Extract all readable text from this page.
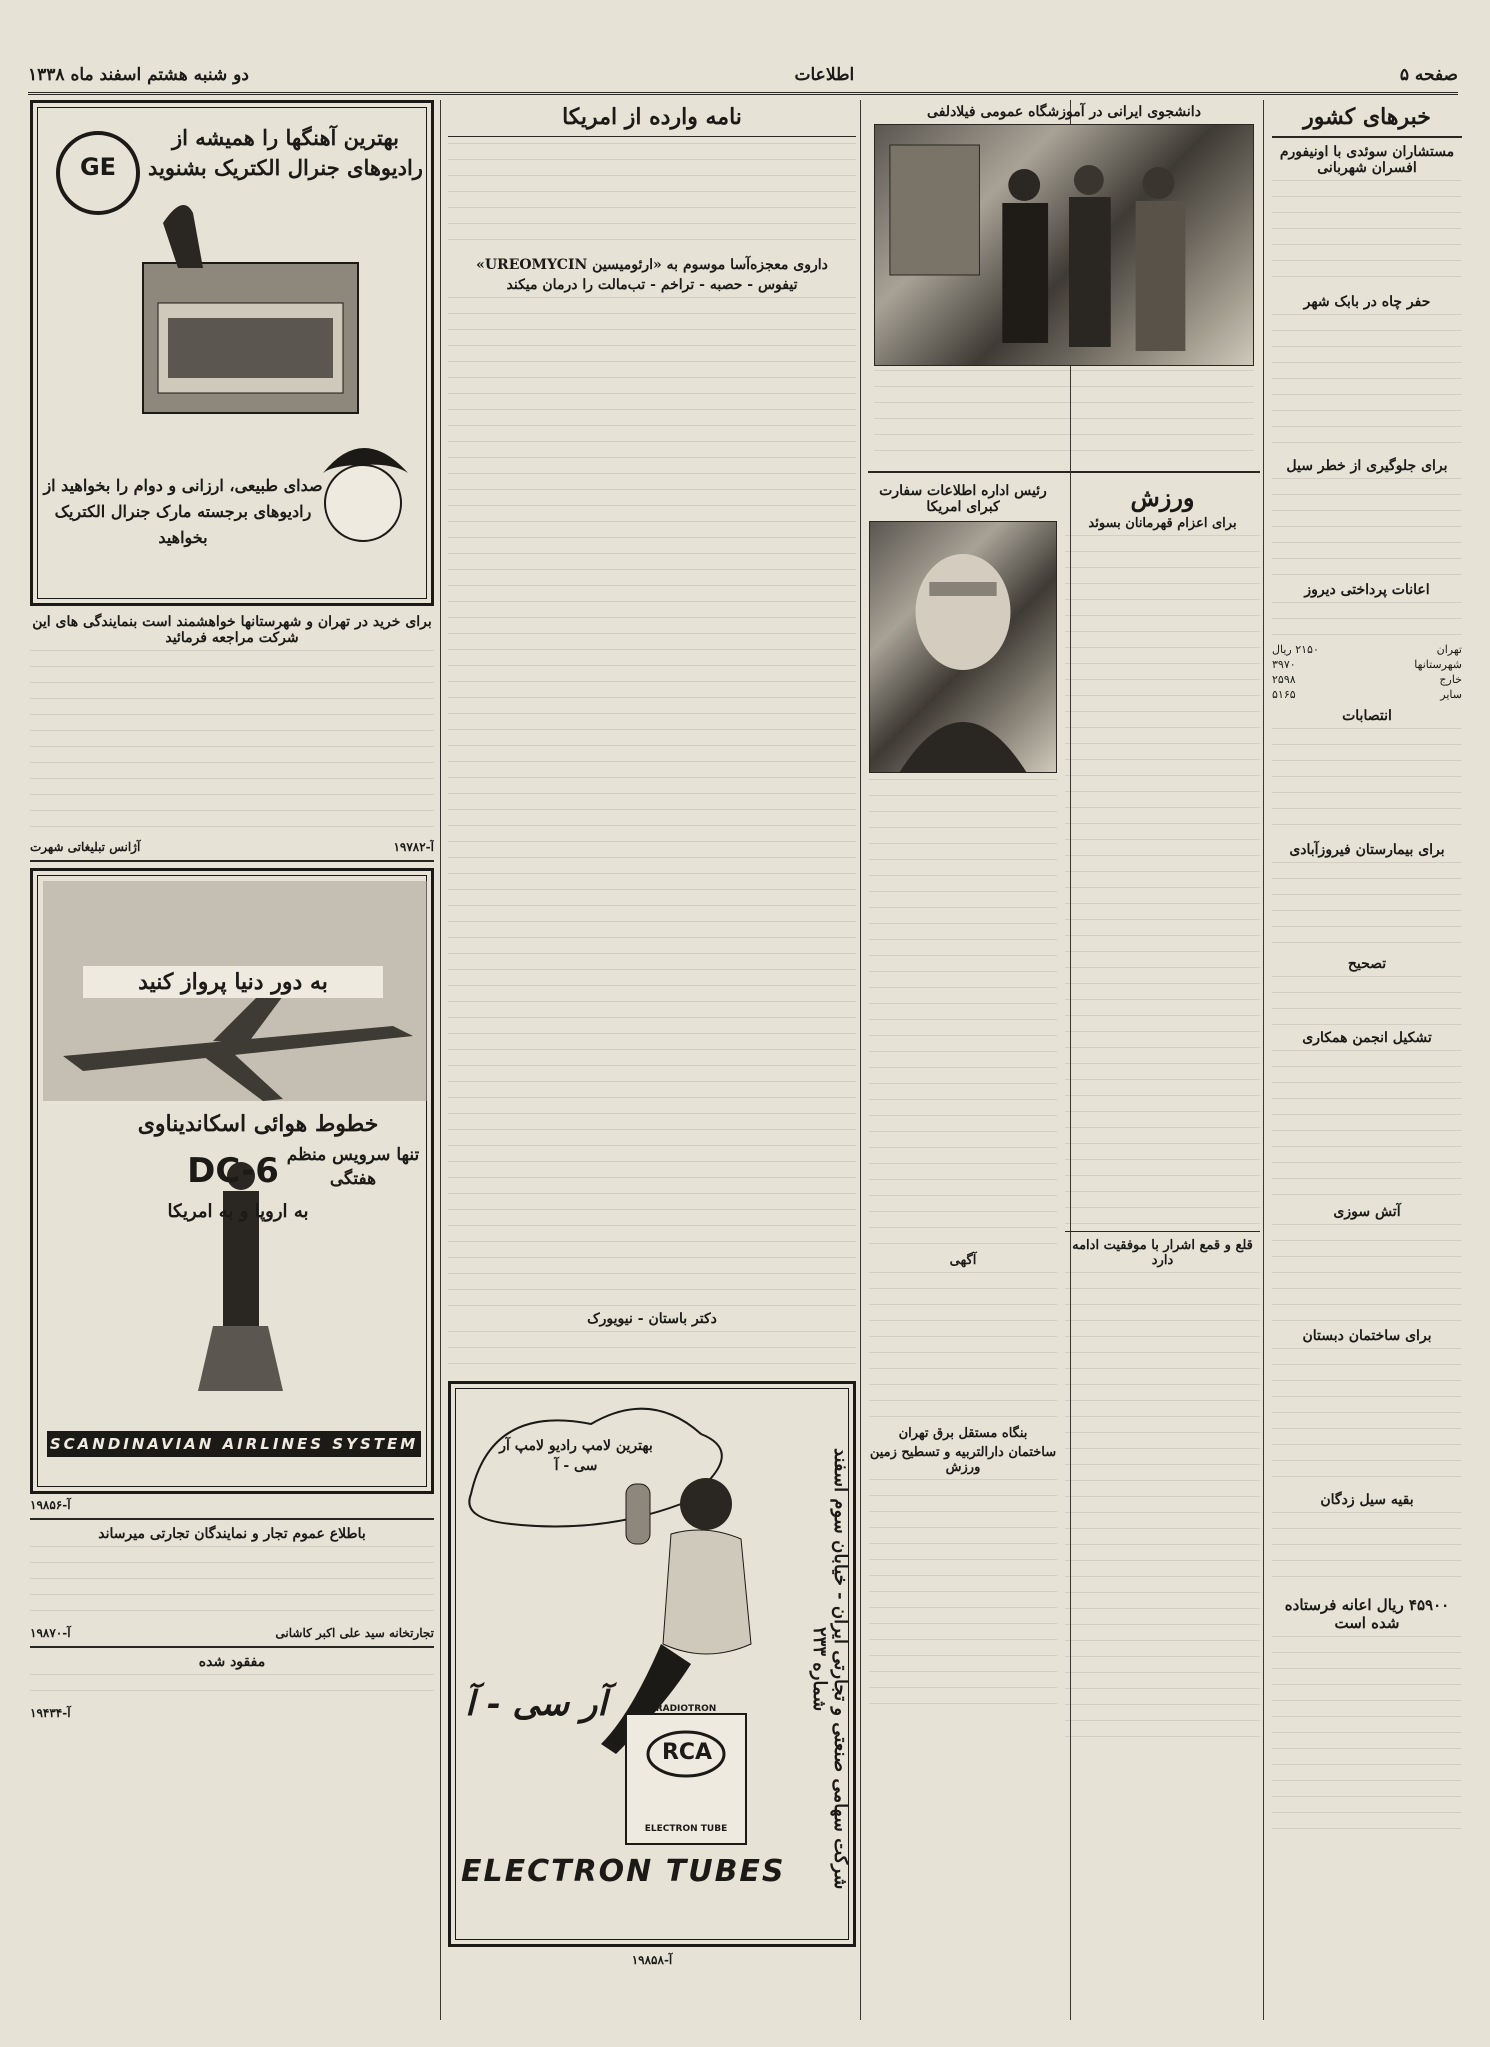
صفحه ۵
اطلاعات
دو شنبه هشتم اسفند ماه ۱۳۳۸
خبرهای کشور
مستشاران سوئدی با اونیفورم افسران شهربانی
حفر چاه در بابک شهر
برای جلوگیری از خطر سیل
اعانات پرداختی دیروز
تهران
۲۱۵۰ ریال
شهرستانها
۳۹۷۰
خارج
۲۵۹۸
ساير
۵۱۶۵
انتصابات
برای بیمارستان فیروزآبادی
تصحیح
تشکیل انجمن همکاری
آتش سوزی
برای ساختمان دبستان
بقیه سیل زدگان
۴۵۹۰۰ ریال اعانه فرستاده شده است
دانشجوی ایرانی در آموزشگاه عمومی فیلادلفی
ورزش
برای اعزام قهرمانان بسوئد
قلع و قمع اشرار با موفقیت ادامه دارد
رئیس اداره اطلاعات سفارت کبرای امریکا
آگهی
بنگاه مستقل برق تهران
ساختمان دارالتربیه و تسطیح زمین ورزش
نامه وارده از امریکا
داروی معجزه‌آسا موسوم به «ارئومیسین UREOMYCIN»
تیفوس - حصبه - تراخم - تب‌مالت را درمان میکند
دکتر باستان - نیویورک
بهترین لامپ رادیو لامپ آر سی - آ
RCA
RADIOTRON
ELECTRON TUBE
آر سی - آ
ELECTRON TUBES	شرکت سهامی صنعتی و تجارتی ایران - خیابان سوم اسفند شماره ۲۳۳
آ-۱۹۸۵۸
GE
بهترین آهنگها را همیشه از رادیوهای جنرال الکتریک بشنوید
صدای طبیعی، ارزانی و دوام را بخواهید از رادیوهای برجسته مارک جنرال الکتریک بخواهید
برای خرید در تهران و شهرستانها خواهشمند است بنمایندگی های این شرکت مراجعه فرمائید
آ-۱۹۷۸۲
آژانس تبلیغاتی شهرت
به دور دنیا پرواز کنید
خطوط هوائی اسکاندیناوی
DC-6 تنها سرویس منظم هفتگی
به اروپا و به امریکا
SCANDINAVIAN AIRLINES SYSTEM
آ-۱۹۸۵۶
باطلاع عموم تجار و نمایندگان تجارتی میرساند
تجارتخانه سید علی اکبر کاشانی
آ-۱۹۸۷۰
مفقود شده
آ-۱۹۴۳۴
